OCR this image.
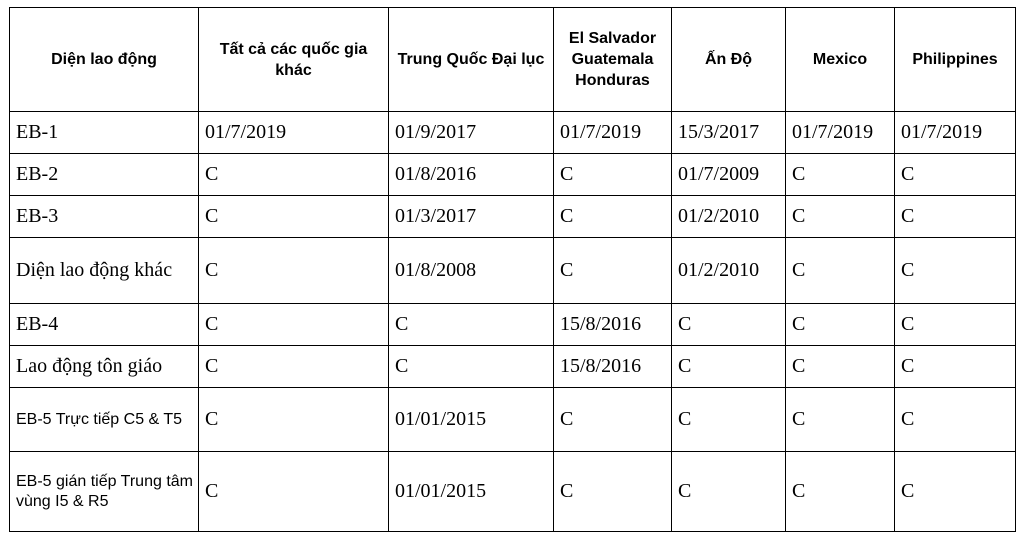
Diện lao động	Tất cả các quốc gia khác	Trung Quốc Đại lục	El Salvador Guatemala Honduras	Ấn Độ	Mexico	Philippines
EB-1	01/7/2019	01/9/2017	01/7/2019	15/3/2017	01/7/2019	01/7/2019
EB-2	C	01/8/2016	C	01/7/2009	C	C
EB-3	C	01/3/2017	C	01/2/2010	C	C
Diện lao động khác	C	01/8/2008	C	01/2/2010	C	C
EB-4	C	C	15/8/2016	C	C	C
Lao động tôn giáo	C	C	15/8/2016	C	C	C
EB-5 Trực tiếp C5 & T5	C	01/01/2015	C	C	C	C
EB-5 gián tiếp Trung tâm vùng I5 & R5	C	01/01/2015	C	C	C	C
